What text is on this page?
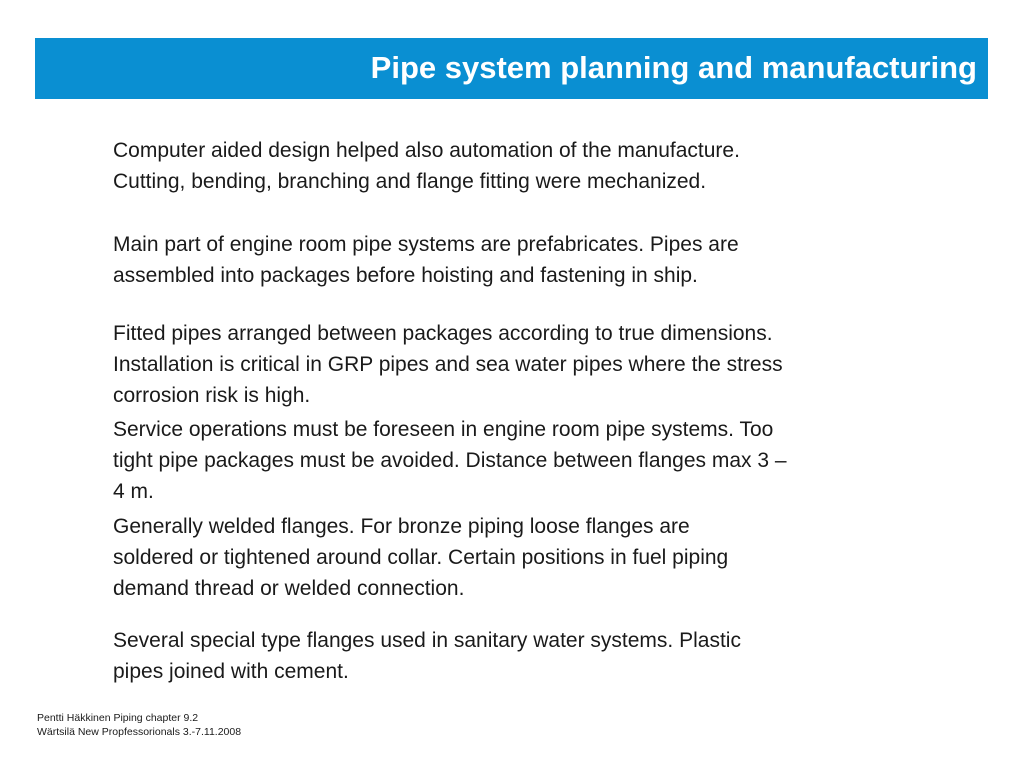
Pipe system planning and manufacturing

Computer aided design helped also automation of the manufacture.
Cutting, bending, branching and flange fitting were mechanized.

Main part of engine room pipe systems are prefabricates. Pipes are
assembled into packages before hoisting and fastening in ship.

Fitted pipes arranged between packages according to true dimensions.
Installation is critical in GRP pipes and sea water pipes where the stress
corrosion risk is high.

Service operations must be foreseen in engine room pipe systems. Too
tight pipe packages must be avoided. Distance between flanges max 3 –
4 m.

Generally welded flanges. For bronze piping loose flanges are
soldered or tightened around collar. Certain positions in fuel piping
demand thread or welded connection.

Several special type flanges used in sanitary water systems. Plastic
pipes joined with cement.

Pentti Häkkinen Piping chapter 9.2
Wärtsilä New Propfessorionals 3.-7.11.2008
